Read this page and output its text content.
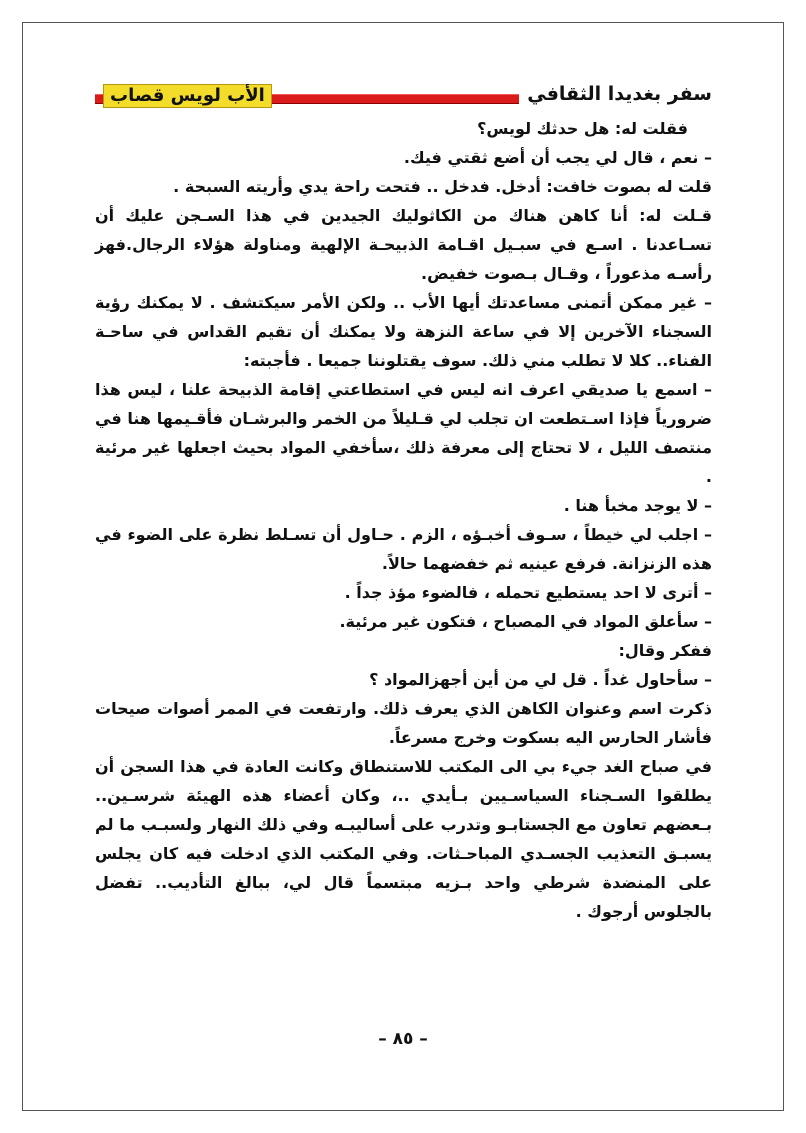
الأب لويس قصاب	سفر بغديدا الثقافي

فقلت له: هل حدثك لويس؟

– نعم ، قال لي يجب أن أضع ثقتي فيك.

قلت له بصوت خافت: أدخل. فدخل .. فتحت راحة يدي وأريته السبحة .

قـلت له: أنا كاهن هناك من الكاثوليك الجيدين في هذا السـجن عليك أن تسـاعدنا . اسـع في سبـيل اقـامة الذبيحـة الإلهية ومناولة هؤلاء الرجال.فهز رأسـه مذعوراً ، وقـال بـصوت خفيض.

– غير ممكن أتمنى مساعدتك أيها الأب .. ولكن الأمر سيكتشف . لا يمكنك رؤية السجناء الآخرين إلا في ساعة النزهة ولا يمكنك أن تقيم القداس في ساحـة الفناء.. كلا لا تطلب مني ذلك. سوف يقتلوننا جميعا . فأجبته:

– اسمع يا صديقي اعرف انه ليس في استطاعتي إقامة الذبيحة علنا ، ليس هذا ضرورياً فإذا اسـتطعت ان تجلب لي قـليلاً من الخمر والبرشـان فأقـيمها هنا في منتصف الليل ، لا تحتاج إلى معرفة ذلك ،سأخفي المواد بحيث اجعلها غير مرئية .

– لا يوجد مخبأ هنا .

– اجلب لي خيطاً ، سـوف أخبـؤه ، الزم . حـاول أن تسـلط نظرة على الضوء في هذه الزنزانة. فرفع عينيه ثم خفضهما حالاً.

– أترى لا احد يستطيع تحمله ، فالضوء مؤذ جداً .

– سأعلق المواد في المصباح ، فتكون غير مرئية.

ففكر وقال:

– سأحاول غداً . قل لي من أين أجهزالمواد ؟

ذكرت اسم وعنوان الكاهن الذي يعرف ذلك. وارتفعت في الممر أصوات صيحات فأشار الحارس اليه بسكوت وخرج مسرعاً.

في صباح الغد جيء بي الى المكتب للاستنطاق وكانت العادة في هذا السجن أن يطلقوا السـجناء السياسـيين بـأيدي ..، وكان أعضاء هذه الهيئة شرسـين.. بـعضهم تعاون مع الجستابـو وتدرب على أساليبـه وفي ذلك النهار ولسبـب ما لم يسبـق التعذيب الجسـدي المباحـثات. وفي المكتب الذي ادخلت فيه كان يجلس على المنضدة شرطي واحد بـزيه مبتسماً قال لي، ببالغ التأديب.. تفضل بالجلوس أرجوك .

– ٨٥ –
